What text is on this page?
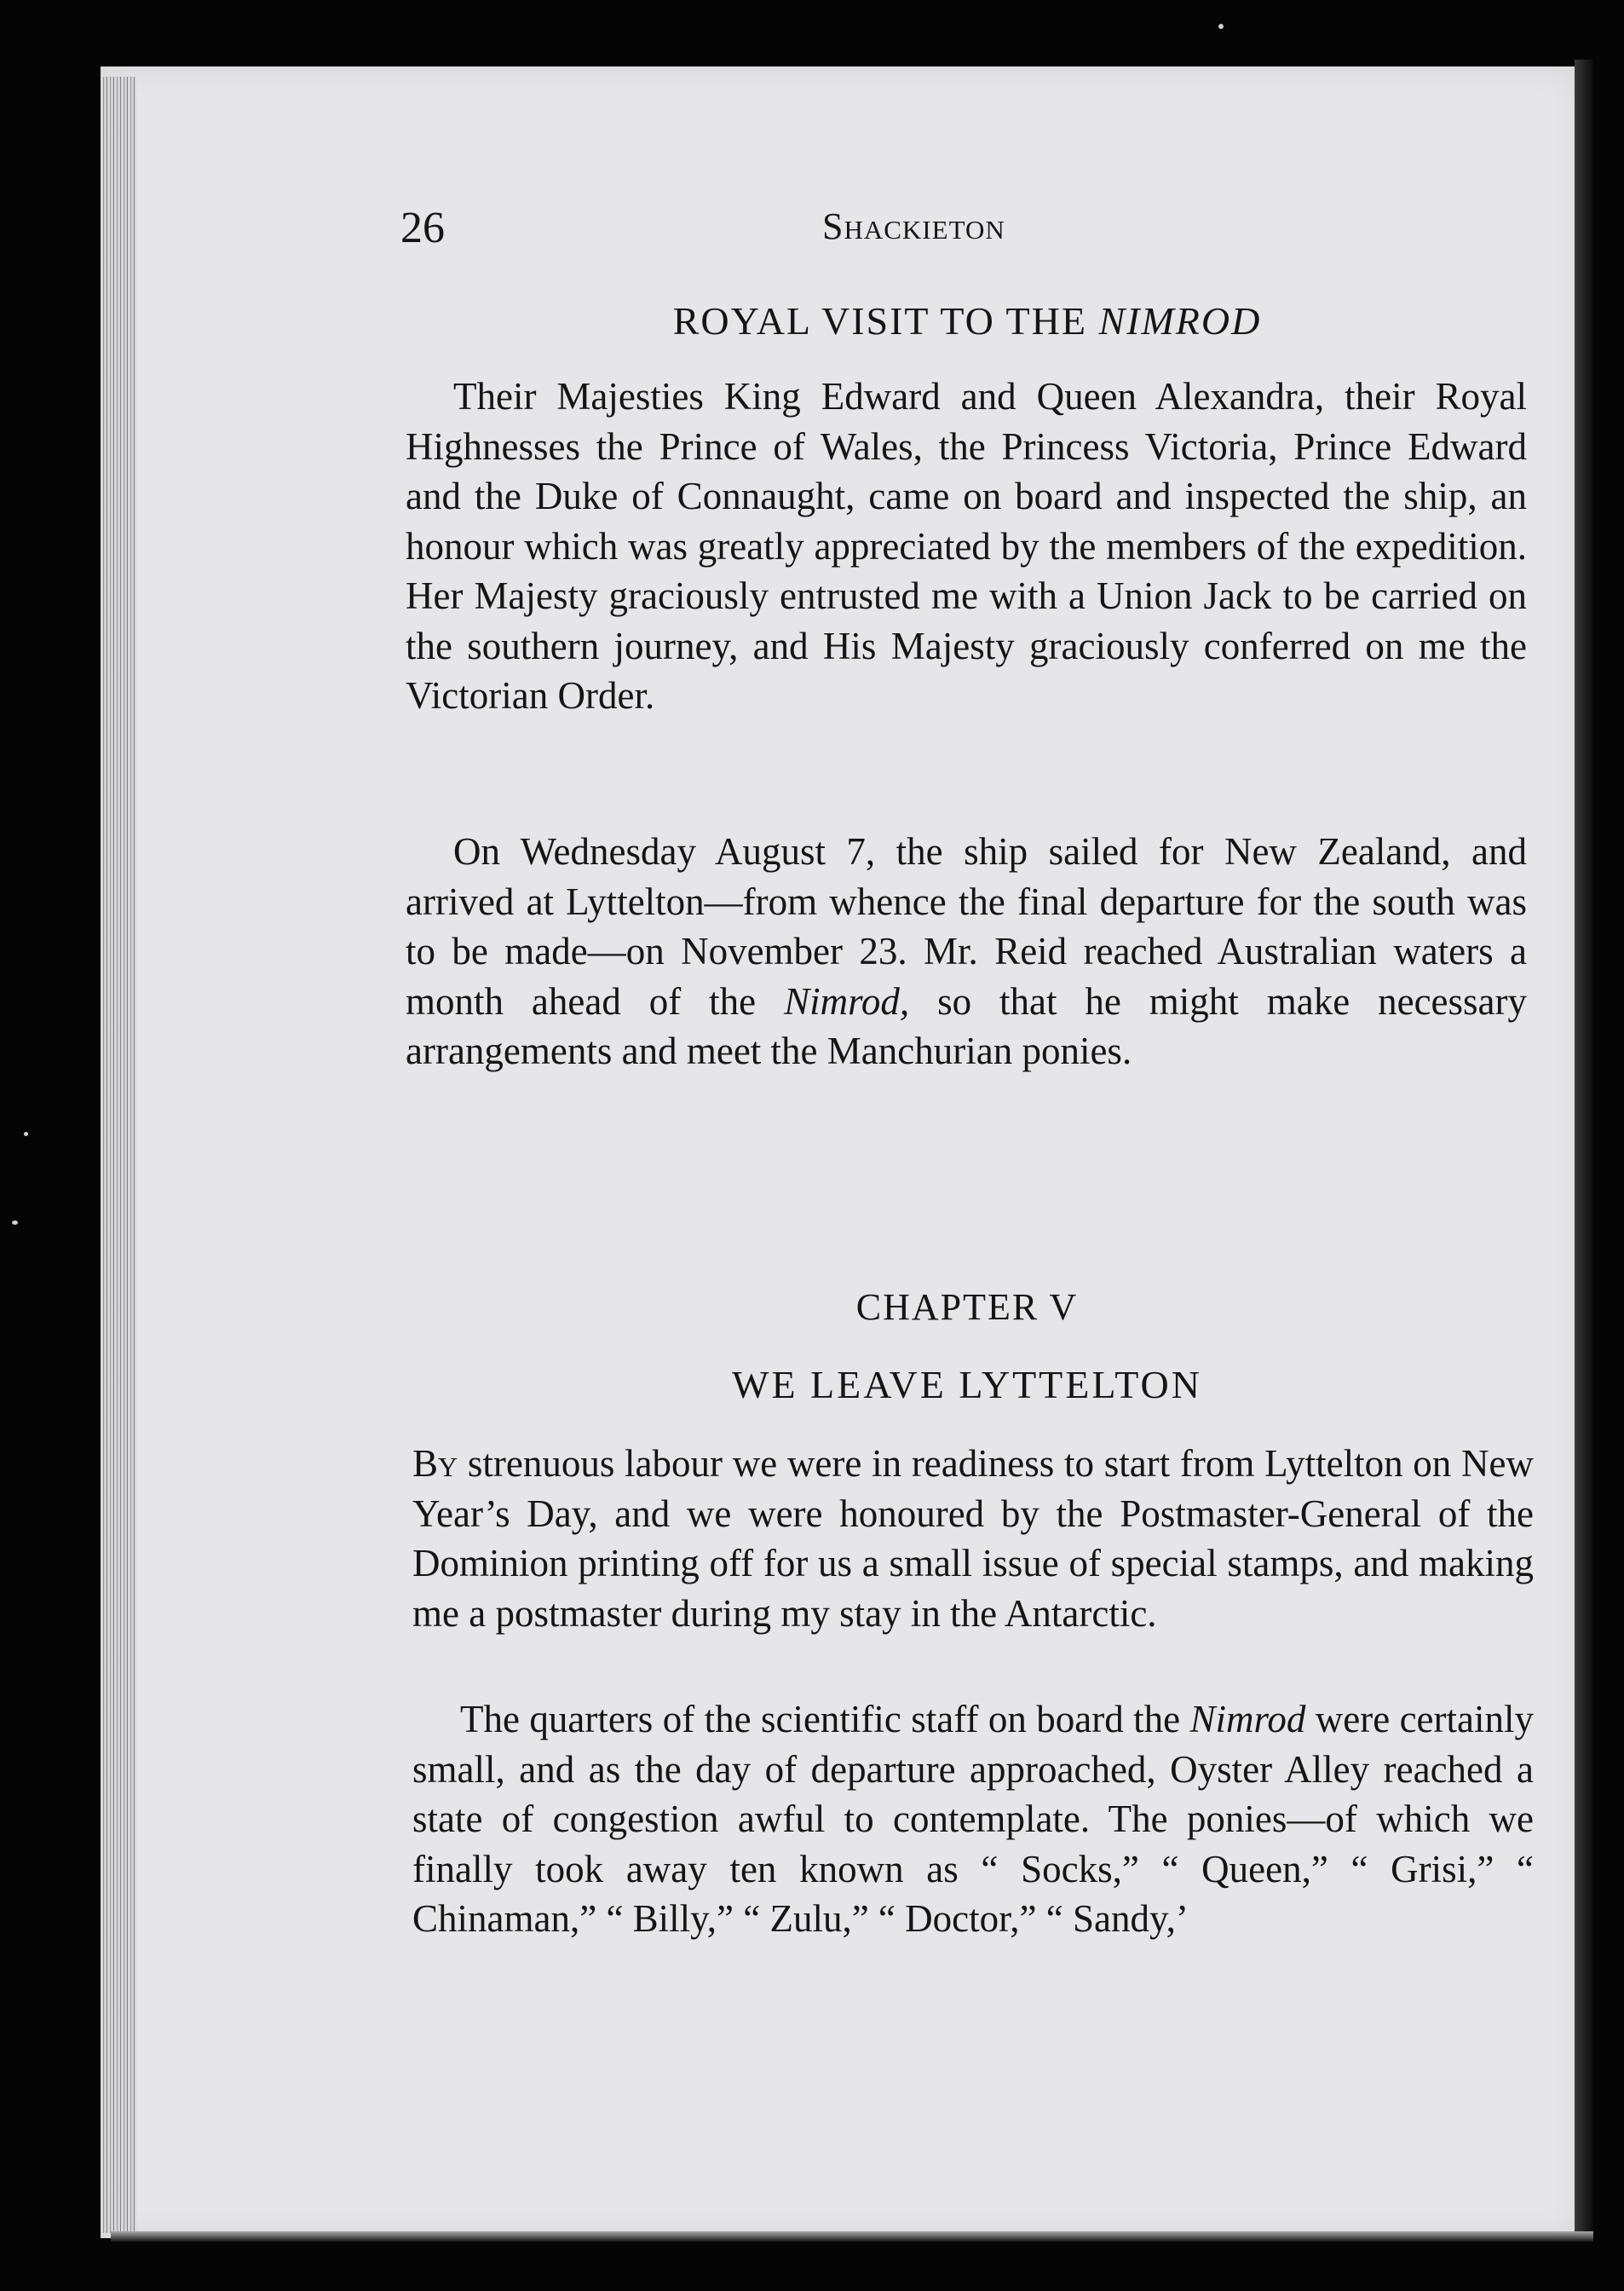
26	Shackieton
ROYAL VISIT TO THE NIMROD

Their Majesties King Edward and Queen Alexandra, their Royal Highnesses the Prince of Wales, the Princess Victoria, Prince Edward and the Duke of Connaught, came on board and inspected the ship, an honour which was greatly appreciated by the members of the expedition. Her Majesty graciously entrusted me with a Union Jack to be carried on the southern journey, and His Majesty graciously conferred on me the Victorian Order.

On Wednesday August 7, the ship sailed for New Zealand, and arrived at Lyttelton—from whence the final departure for the south was to be made—on November 23. Mr. Reid reached Australian waters a month ahead of the Nimrod, so that he might make necessary arrangements and meet the Manchurian ponies.

CHAPTER V
WE LEAVE LYTTELTON

By strenuous labour we were in readiness to start from Lyttelton on New Year’s Day, and we were honoured by the Postmaster-General of the Dominion printing off for us a small issue of special stamps, and making me a postmaster during my stay in the Antarctic.

The quarters of the scientific staff on board the Nimrod were certainly small, and as the day of departure approached, Oyster Alley reached a state of congestion awful to contemplate. The ponies—of which we finally took away ten known as “ Socks,” “ Queen,” “ Grisi,” “ Chinaman,” “ Billy,” “ Zulu,” “ Doctor,” “ Sandy,’
